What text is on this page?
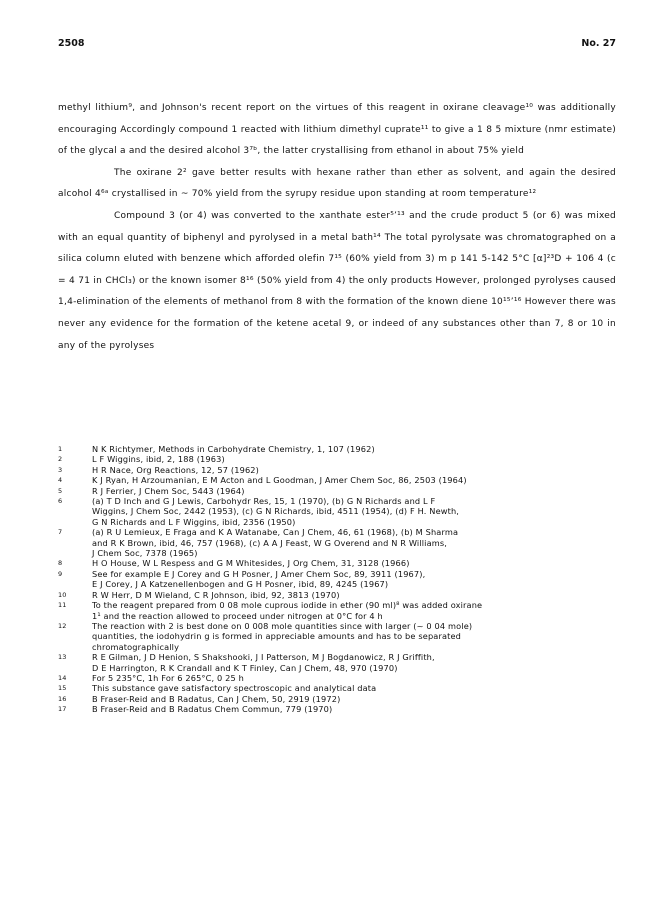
2508	No. 27

methyl lithium⁹, and Johnson's recent report on the virtues of this reagent in oxirane cleavage¹⁰ was additionally encouraging Accordingly compound 1 reacted with lithium dimethyl cuprate¹¹ to give a 1 8 5 mixture (nmr estimate) of the glycal a and the desired alcohol 3⁷ᵇ, the latter crystallising from ethanol in about 75% yield

The oxirane 2² gave better results with hexane rather than ether as solvent, and again the desired alcohol 4⁶ᵃ crystallised in ~ 70% yield from the syrupy residue upon standing at room temperature¹²

Compound 3 (or 4) was converted to the xanthate ester⁵ʼ¹³ and the crude product 5 (or 6) was mixed with an equal quantity of biphenyl and pyrolysed in a metal bath¹⁴ The total pyrolysate was chromatographed on a silica column eluted with benzene which afforded olefin 7¹⁵ (60% yield from 3) m p 141 5-142 5°C [α]²³D + 106 4 (c = 4 71 in CHCl₃) or the known isomer 8¹⁶ (50% yield from 4) the only products However, prolonged pyrolyses caused 1,4-elimination of the elements of methanol from 8 with the formation of the known diene 10¹⁵ʼ¹⁶ However there was never any evidence for the formation of the ketene acetal 9, or indeed of any substances other than 7, 8 or 10 in any of the pyrolyses

1	N K Richtymer, Methods in Carbohydrate Chemistry, 1, 107 (1962)
2	L F Wiggins, ibid, 2, 188 (1963)
3	H R Nace, Org Reactions, 12, 57 (1962)
4	K J Ryan, H Arzoumanian, E M Acton and L Goodman, J Amer Chem Soc, 86, 2503 (1964)
5	R J Ferrier, J Chem Soc, 5443 (1964)
6	(a) T D Inch and G J Lewis, Carbohydr Res, 15, 1 (1970), (b) G N Richards and L F
Wiggins, J Chem Soc, 2442 (1953), (c) G N Richards, ibid, 4511 (1954), (d) F H. Newth,
G N Richards and L F Wiggins, ibid, 2356 (1950)
7	(a) R U Lemieux, E Fraga and K A Watanabe, Can J Chem, 46, 61 (1968), (b) M Sharma
and R K Brown, ibid, 46, 757 (1968), (c) A A J Feast, W G Overend and N R Williams,
J Chem Soc, 7378 (1965)
8	H O House, W L Respess and G M Whitesides, J Org Chem, 31, 3128 (1966)
9	See for example E J Corey and G H Posner, J Amer Chem Soc, 89, 3911 (1967),
E J Corey, J A Katzenellenbogen and G H Posner, ibid, 89, 4245 (1967)
10	R W Herr, D M Wieland, C R Johnson, ibid, 92, 3813 (1970)
11	To the reagent prepared from 0 08 mole cuprous iodide in ether (90 ml)⁸ was added oxirane
1¹ and the reaction allowed to proceed under nitrogen at 0°C for 4 h
12	The reaction with 2 is best done on 0 008 mole quantities since with larger (~ 0 04 mole)
quantities, the iodohydrin g is formed in appreciable amounts and has to be separated
chromatographically
13	R E Gilman, J D Henion, S Shakshooki, J I Patterson, M J Bogdanowicz, R J Griffith,
D E Harrington, R K Crandall and K T Finley, Can J Chem, 48, 970 (1970)
14	For 5 235°C, 1h For 6 265°C, 0 25 h
15	This substance gave satisfactory spectroscopic and analytical data
16	B Fraser-Reid and B Radatus, Can J Chem, 50, 2919 (1972)
17	B Fraser-Reid and B Radatus Chem Commun, 779 (1970)
